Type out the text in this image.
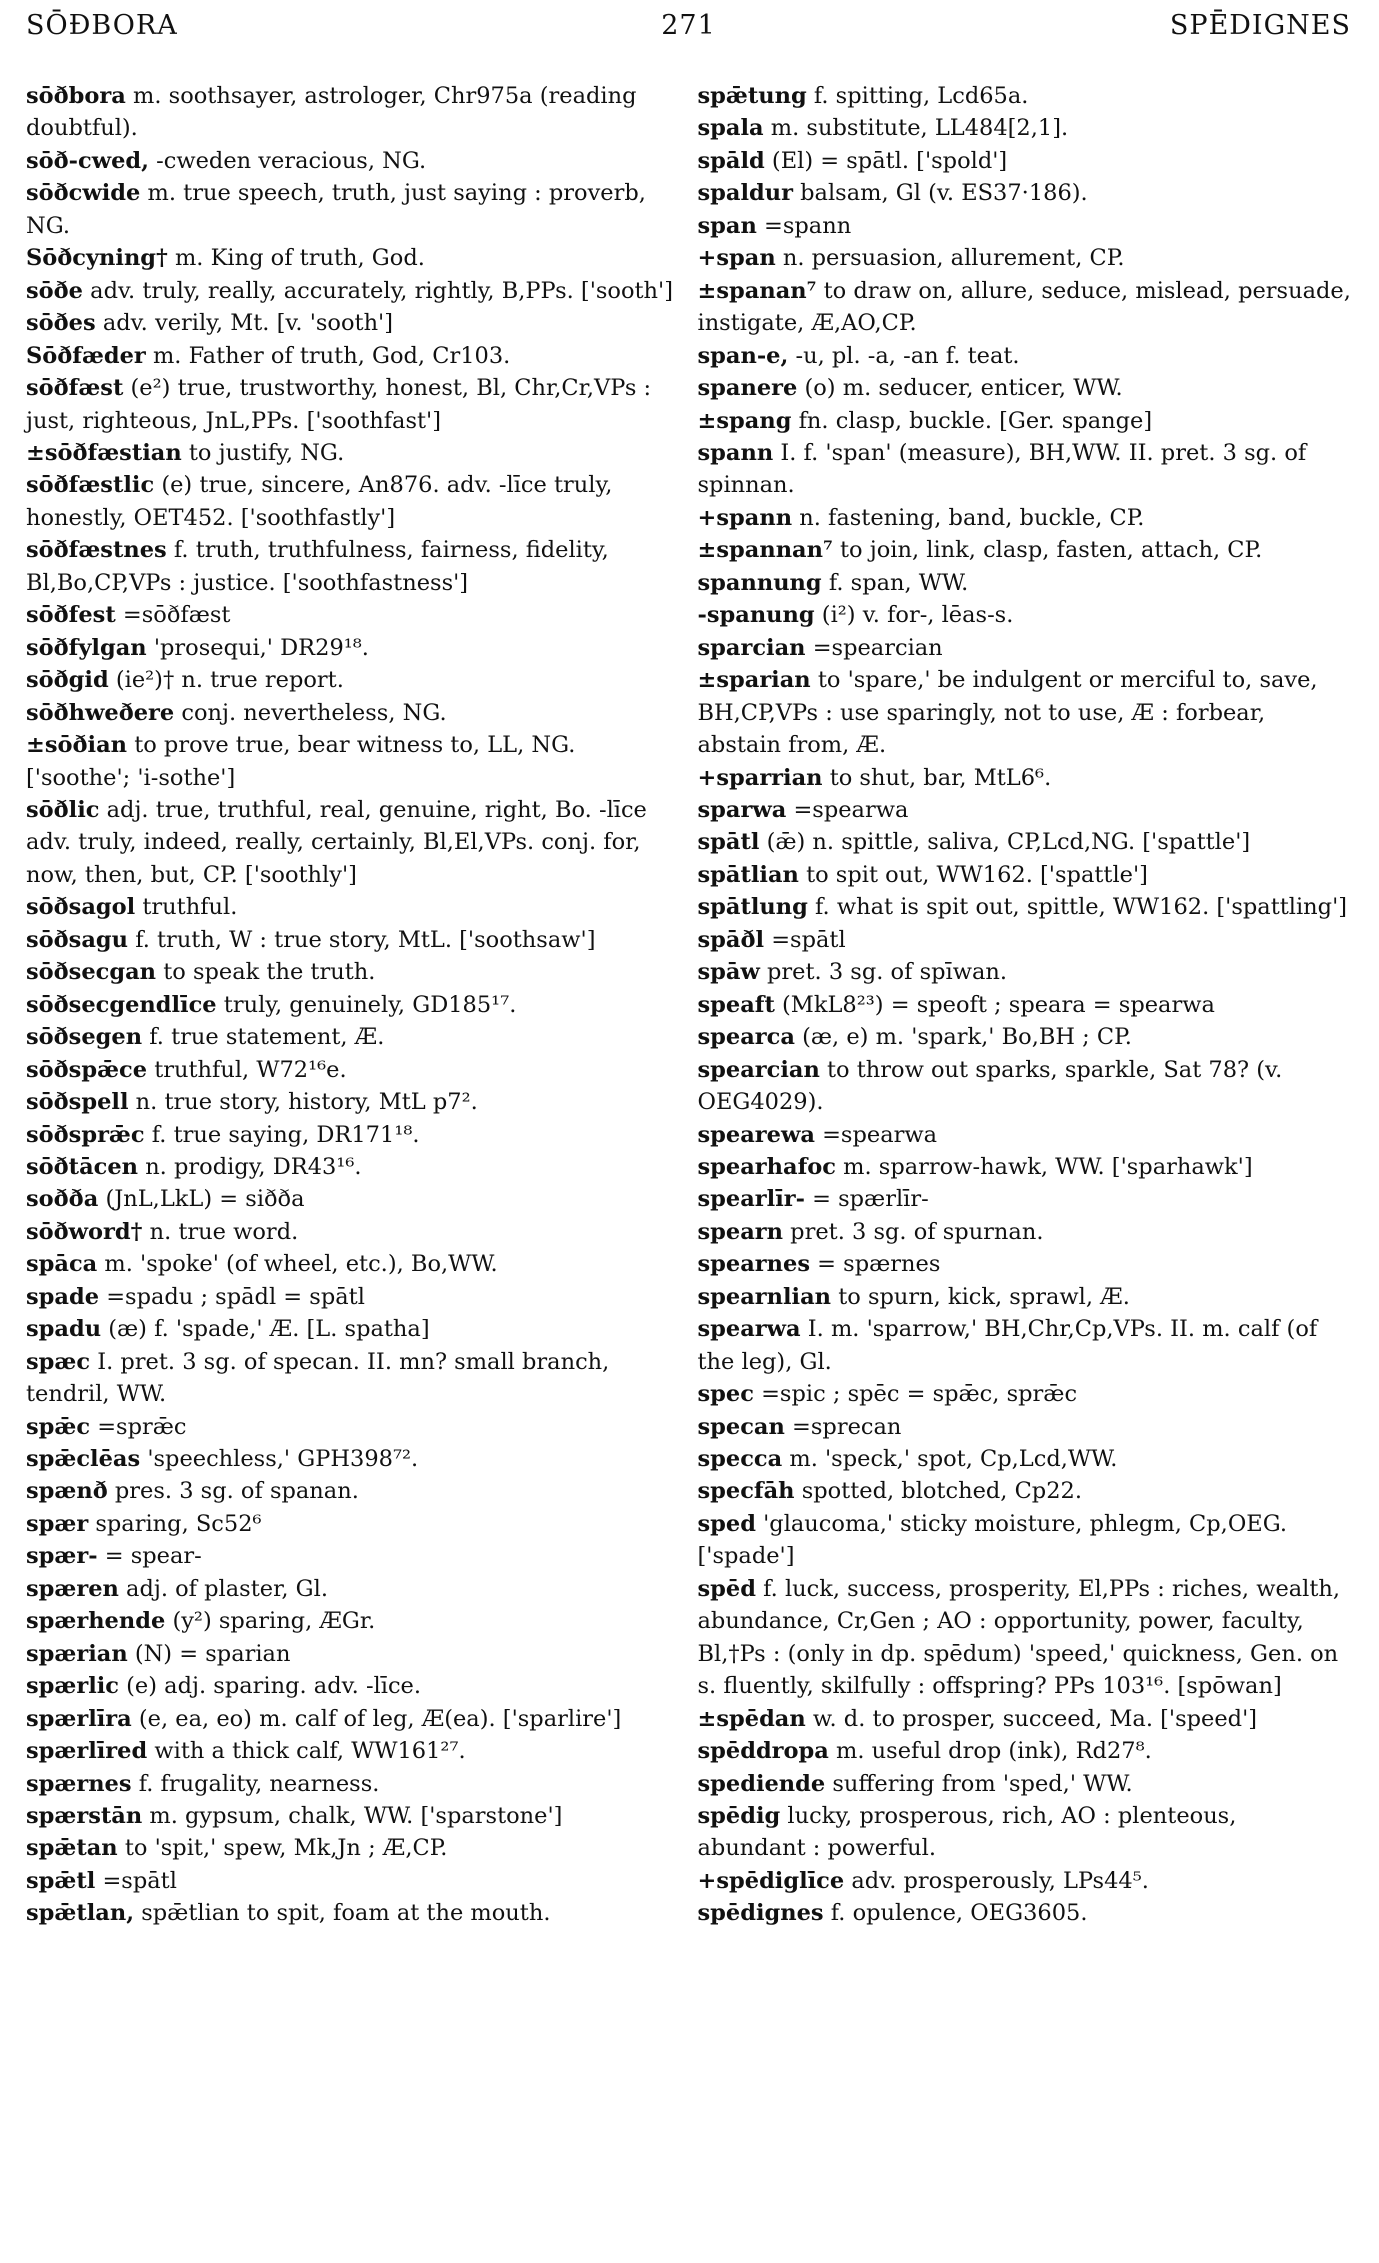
SŌÐBORA	271	SPĒDIGNES

sōðbora m. soothsayer, astrologer, Chr975a (reading doubtful).

sōð-cwed, -cweden veracious, NG.

sōðcwide m. true speech, truth, just saying : proverb, NG.

Sōðcyning† m. King of truth, God.

sōðe adv. truly, really, accurately, rightly, B,PPs. ['sooth']

sōðes adv. verily, Mt. [v. 'sooth']

Sōðfæder m. Father of truth, God, Cr103.

sōðfæst (e²) true, trustworthy, honest, Bl, Chr,Cr,VPs : just, righteous, JnL,PPs. ['soothfast']

±sōðfæstian to justify, NG.

sōðfæstlic (e) true, sincere, An876. adv. -līce truly, honestly, OET452. ['soothfastly']

sōðfæstnes f. truth, truthfulness, fairness, fidelity, Bl,Bo,CP,VPs : justice. ['soothfastness']

sōðfest =sōðfæst

sōðfylgan 'prosequi,' DR29¹⁸.

sōðgid (ie²)† n. true report.

sōðhweðere conj. nevertheless, NG.

±sōðian to prove true, bear witness to, LL, NG. ['soothe'; 'i-sothe']

sōðlic adj. true, truthful, real, genuine, right, Bo. -līce adv. truly, indeed, really, certainly, Bl,El,VPs. conj. for, now, then, but, CP. ['soothly']

sōðsagol truthful.

sōðsagu f. truth, W : true story, MtL. ['soothsaw']

sōðsecgan to speak the truth.

sōðsecgendlīce truly, genuinely, GD185¹⁷.

sōðsegen f. true statement, Æ.

sōðspǣce truthful, W72¹⁶e.

sōðspell n. true story, history, MtL p7².

sōðsprǣc f. true saying, DR171¹⁸.

sōðtācen n. prodigy, DR43¹⁶.

soðða (JnL,LkL) = siððа

sōðword† n. true word.

spāca m. 'spoke' (of wheel, etc.), Bo,WW.

spade =spadu ; spādl = spātl

spadu (æ) f. 'spade,' Æ. [L. spatha]

spæc I. pret. 3 sg. of specan. II. mn? small branch, tendril, WW.

spǣc =sprǣc

spǣclēas 'speechless,' GPH398⁷².

spænð pres. 3 sg. of spanan.

spær sparing, Sc52⁶

spær- = spear-

spæren adj. of plaster, Gl.

spærhende (y²) sparing, ÆGr.

spærian (N) = sparian

spærlic (e) adj. sparing. adv. -līce.

spærlīra (e, ea, eo) m. calf of leg, Æ(ea). ['sparlire']

spærlīred with a thick calf, WW161²⁷.

spærnes f. frugality, nearness.

spærstān m. gypsum, chalk, WW. ['sparstone']

spǣtan to 'spit,' spew, Mk,Jn ; Æ,CP.

spǣtl =spātl

spǣtlan, spǣtlian to spit, foam at the mouth.

spǣtung f. spitting, Lcd65a.

spala m. substitute, LL484[2,1].

spāld (El) = spātl. ['spold']

spaldur balsam, Gl (v. ES37·186).

span =spann

+span n. persuasion, allurement, CP.

±spanan⁷ to draw on, allure, seduce, mislead, persuade, instigate, Æ,AO,CP.

span-e, -u, pl. -a, -an f. teat.

spanere (o) m. seducer, enticer, WW.

±spang fn. clasp, buckle. [Ger. spange]

spann I. f. 'span' (measure), BH,WW. II. pret. 3 sg. of spinnan.

+spann n. fastening, band, buckle, CP.

±spannan⁷ to join, link, clasp, fasten, attach, CP.

spannung f. span, WW.

-spanung (i²) v. for-, lēas-s.

sparcian =spearcian

±sparian to 'spare,' be indulgent or merciful to, save, BH,CP,VPs : use sparingly, not to use, Æ : forbear, abstain from, Æ.

+sparrian to shut, bar, MtL6⁶.

sparwa =spearwa

spātl (ǣ) n. spittle, saliva, CP,Lcd,NG. ['spattle']

spātlian to spit out, WW162. ['spattle']

spātlung f. what is spit out, spittle, WW162. ['spattling']

spāðl =spātl

spāw pret. 3 sg. of spīwan.

speaft (MkL8²³) = speoft ; speara = spearwa

spearca (æ, e) m. 'spark,' Bo,BH ; CP.

spearcian to throw out sparks, sparkle, Sat 78? (v. OEG4029).

spearewa =spearwa

spearhafoc m. sparrow-hawk, WW. ['sparhawk']

spearlīr- = spærlīr-

spearn pret. 3 sg. of spurnan.

spearnes = spærnes

spearnlian to spurn, kick, sprawl, Æ.

spearwa I. m. 'sparrow,' BH,Chr,Cp,VPs. II. m. calf (of the leg), Gl.

spec =spic ; spēc = spǣc, sprǣc

specan =sprecan

specca m. 'speck,' spot, Cp,Lcd,WW.

specfāh spotted, blotched, Cp22.

sped 'glaucoma,' sticky moisture, phlegm, Cp,OEG. ['spade']

spēd f. luck, success, prosperity, El,PPs : riches, wealth, abundance, Cr,Gen ; AO : opportunity, power, faculty, Bl,†Ps : (only in dp. spēdum) 'speed,' quickness, Gen. on s. fluently, skilfully : offspring? PPs 103¹⁶. [spōwan]

±spēdan w. d. to prosper, succeed, Ma. ['speed']

spēddropa m. useful drop (ink), Rd27⁸.

spediende suffering from 'sped,' WW.

spēdig lucky, prosperous, rich, AO : plenteous, abundant : powerful.

+spēdiglīce adv. prosperously, LPs44⁵.

spēdignes f. opulence, OEG3605.
